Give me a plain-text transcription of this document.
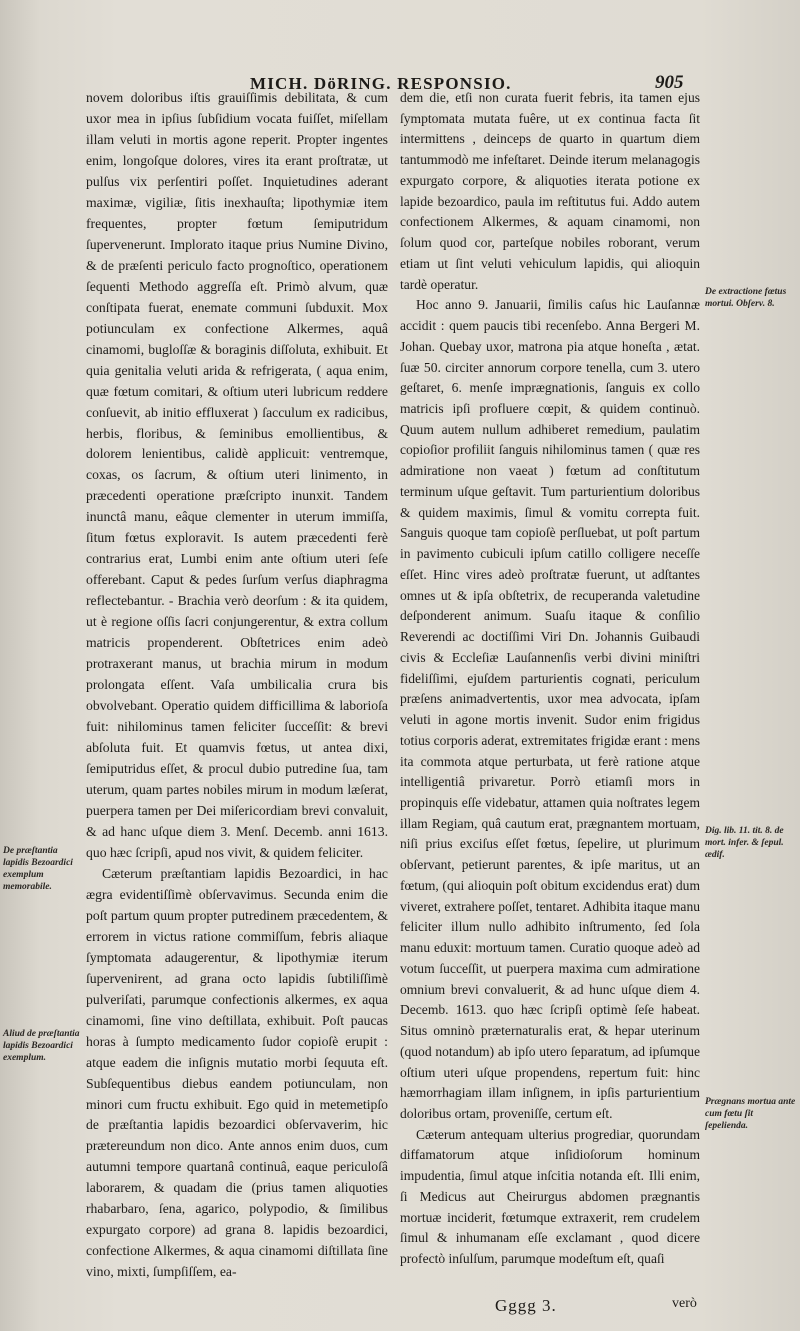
MICH. DöRING. RESPONSIO.	905

novem doloribus iſtis grauiſſimis debilitata, & cum uxor mea in ipſius ſubſidium vocata fuiſſet, miſellam illam veluti in mortis agone reperit. Propter ingentes enim, longoſque dolores, vires ita erant proſtratæ, ut pulſus vix perſentiri poſſet. Inquietudines aderant maximæ, vigiliæ, ſitis inexhauſta; lipothymiæ item frequentes, propter fœtum ſemiputridum ſupervenerunt. Implorato itaque prius Numine Divino, & de præſenti periculo facto prognoſtico, operationem ſequenti Methodo aggreſſa eſt. Primò alvum, quæ conſtipata fuerat, enemate communi ſubduxit. Mox potiunculam ex confectione Alkermes, aquâ cinamomi, bugloſſæ & boraginis diſſoluta, exhibuit. Et quia genitalia veluti arida & refrigerata, ( aqua enim, quæ fœtum comitari, & oſtium uteri lubricum reddere conſuevit, ab initio effluxerat ) ſacculum ex radicibus, herbis, floribus, & ſeminibus emollientibus, & dolorem lenientibus, calidè applicuit: ventremque, coxas, os ſacrum, & oſtium uteri linimento, in præcedenti operatione præſcripto inunxit. Tandem inunctâ manu, eâque clementer in uterum immiſſa, ſitum fœtus exploravit. Is autem præcedenti ferè contrarius erat, Lumbi enim ante oſtium uteri ſeſe offerebant. Caput & pedes ſurſum verſus diaphragma reflectebantur. - Brachia verò deorſum : & ita quidem, ut è regione oſſis ſacri conjungerentur, & extra collum matricis propenderent. Obſtetrices enim adeò protraxerant manus, ut brachia mirum in modum prolongata eſſent. Vaſa umbilicalia crura bis obvolvebant. Operatio quidem difficillima & laborioſa fuit: nihilominus tamen feliciter ſucceſſit: & brevi abſoluta fuit. Et quamvis fœtus, ut antea dixi, ſemiputridus eſſet, & procul dubio putredine ſua, tam uterum, quam partes nobiles mirum in modum læſerat, puerpera tamen per Dei miſericordiam brevi convaluit, & ad hanc uſque diem 3. Menſ. Decemb. anni 1613. quo hæc ſcripſi, apud nos vivit, & quidem feliciter.

Cæterum præſtantiam lapidis Bezoardici, in hac ægra evidentiſſimè obſervavimus. Secunda enim die poſt partum quum propter putredinem præcedentem, & errorem in victus ratione commiſſum, febris aliaque ſymptomata adaugerentur, & lipothymiæ iterum ſupervenirent, ad grana octo lapidis ſubtiliſſimè pulveriſati, parumque confectionis alkermes, ex aqua cinamomi, ſine vino deſtillata, exhibuit. Poſt paucas horas à ſumpto medicamento ſudor copioſè erupit : atque eadem die inſignis mutatio morbi ſequuta eſt. Subſequentibus diebus eandem potiunculam, non minori cum fructu exhibuit. Ego quid in metemetipſo de præſtantia lapidis bezoardici obſervaverim, hic prætereundum non dico. Ante annos enim duos, cum autumni tempore quartanâ continuâ, eaque periculoſâ laborarem, & quadam die (prius tamen aliquoties rhabarbaro, ſena, agarico, polypodio, & ſimilibus expurgato corpore) ad grana 8. lapidis bezoardici, confectione Alkermes, & aqua cinamomi diſtillata ſine vino, mixti, ſumpſiſſem, ea-

dem die, etſi non curata fuerit febris, ita tamen ejus ſymptomata mutata fuêre, ut ex continua facta ſit intermittens , deinceps de quarto in quartum diem tantummodò me infeſtaret. Deinde iterum melanagogis expurgato corpore, & aliquoties iterata potione ex lapide bezoardico, paula im reſtitutus fui. Addo autem confectionem Alkermes, & aquam cinamomi, non ſolum quod cor, parteſque nobiles roborant, verum etiam ut ſint veluti vehiculum lapidis, qui alioquin tardè operatur.

Hoc anno 9. Januarii, ſimilis caſus hic Lauſannæ accidit : quem paucis tibi recenſebo. Anna Bergeri M. Johan. Quebay uxor, matrona pia atque honeſta , ætat. ſuæ 50. circiter annorum corpore tenella, cum 3. utero geſtaret, 6. menſe imprægnationis, ſanguis ex collo matricis ipſi profluere cœpit, & quidem continuò. Quum autem nullum adhiberet remedium, paulatim copioſior profiliit ſanguis nihilominus tamen ( quæ res admiratione non vaeat ) fœtum ad conſtitutum terminum uſque geſtavit. Tum parturientium doloribus & quidem maximis, ſimul & vomitu correpta fuit. Sanguis quoque tam copioſè perſluebat, ut poſt partum in pavimento cubiculi ipſum catillo colligere neceſſe eſſet. Hinc vires adeò proſtratæ fuerunt, ut adſtantes omnes ut & ipſa obſtetrix, de recuperanda valetudine deſponderent animum. Suaſu itaque & conſilio Reverendi ac doctiſſimi Viri Dn. Johannis Guibaudi civis & Eccleſiæ Lauſannenſis verbi divini miniſtri fideliſſimi, ejuſdem parturientis cognati, periculum præſens animadvertentis, uxor mea advocata, ipſam veluti in agone mortis invenit. Sudor enim frigidus totius corporis aderat, extremitates frigidæ erant : mens ita commota atque perturbata, ut ferè ratione atque intelligentiâ privaretur. Porrò etiamſi mors in propinquis eſſe videbatur, attamen quia noſtrates legem illam Regiam, quâ cautum erat, prægnantem mortuam, niſi prius exciſus eſſet fœtus, ſepelire, ut plurimum obſervant, petierunt parentes, & ipſe maritus, ut an fœtum, (qui alioquin poſt obitum excidendus erat) dum viveret, extrahere poſſet, tentaret. Adhibita itaque manu feliciter illum nullo adhibito inſtrumento, ſed ſola manu eduxit: mortuum tamen. Curatio quoque adeò ad votum ſucceſſit, ut puerpera maxima cum admiratione omnium brevi convaluerit, & ad hunc uſque diem 4. Decemb. 1613. quo hæc ſcripſi optimè ſeſe habeat. Situs omninò præternaturalis erat, & hepar uterinum (quod notandum) ab ipſo utero ſeparatum, ad ipſumque oſtium uteri uſque propendens, repertum fuit: hinc hæmorrhagiam illam inſignem, in ipſis parturientium doloribus ortam, proveniſſe, certum eſt.

Cæterum antequam ulterius progrediar, quorundam diffamatorum atque inſidioſorum hominum impudentia, ſimul atque inſcitia notanda eſt. Illi enim, ſi Medicus aut Cheirurgus abdomen prægnantis mortuæ inciderit, fœtumque extraxerit, rem crudelem ſimul & inhumanam eſſe exclamant , quod dicere profectò inſulſum, parumque modeſtum eſt, quaſi

De præſtantia lapidis Bezoardici exemplum memorabile.
Aliud de præſtantia lapidis Bezoardici exemplum.
De extractione fœtus mortui. Obſerv. 8.
Dig. lib. 11. tit. 8. de mort. infer. & ſepul. ædif.
Prægnans mortua ante cum fœtu ſit ſepelienda.
Gggg 3.	verò
